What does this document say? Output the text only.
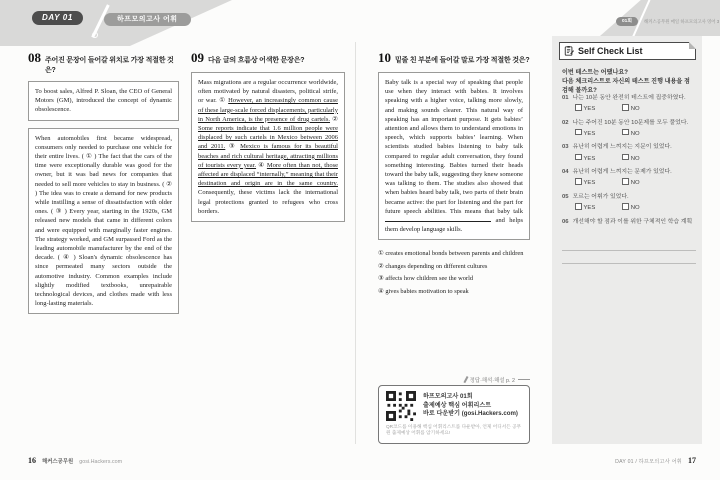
DAY 01	하프모의고사 어휘	01회	해커스공무원 매일 하프모의고사 영어 3
08 주어진 문장이 들어갈 위치로 가장 적절한 것은?
To boost sales, Alfred P. Sloan, the CEO of General Motors (GM), introduced the concept of dynamic obsolescence.
When automobiles first became widespread, consumers only needed to purchase one vehicle for their entire lives. ( ① ) The fact that the cars of the time were exceptionally durable was good for the owner, but it was bad news for companies that needed to sell more vehicles to stay in business. ( ② ) The idea was to create a demand for new products while instilling a sense of dissatisfaction with older ones. ( ③ ) Every year, starting in the 1920s, GM released new models that came in different colors and were equipped with marginally faster engines. The strategy worked, and GM surpassed Ford as the leading automobile manufacturer by the end of the decade. ( ④ ) Sloan's dynamic obsolescence has since permeated many sectors outside the automotive industry. Common examples include slightly modified textbooks, unrepairable technological devices, and clothes made with less long-lasting materials.
09 다음 글의 흐름상 어색한 문장은?
Mass migrations are a regular occurrence worldwide, often motivated by natural disasters, political strife, or war. ① However, an increasingly common cause of these large-scale forced displacements, particularly in North America, is the presence of drug cartels. ② Some reports indicate that 1.6 million people were displaced by such cartels in Mexico between 2006 and 2011. ③ Mexico is famous for its beautiful beaches and rich cultural heritage, attracting millions of tourists every year. ④ More often than not, those affected are displaced “internally,” meaning that their destination and origin are in the same country. Consequently, these victims lack the international legal protections granted to refugees who cross borders.
10 밑줄 친 부분에 들어갈 말로 가장 적절한 것은?
Baby talk is a special way of speaking that people use when they interact with babies. It involves speaking with a higher voice, talking more slowly, and making sounds clearer. This natural way of speaking has an important purpose. It gets babies’ attention and allows them to understand emotions in speech, which supports babies’ learning. When scientists studied babies listening to baby talk compared to regular adult conversation, they found something interesting. Babies turned their heads toward the baby talk, suggesting they knew someone was talking to them. The studies also showed that when babies heard baby talk, two parts of their brain became active: the part for listening and the part for future speech abilities. This means that baby talk  and helps them develop language skills.
① creates emotional bonds between parents and children
② changes depending on different cultures
③ affects how children see the world
④ gives babies motivation to speak
정답·해석·해설 p. 2
하프모의고사 01회
출제예상 핵심 어휘리스트
바로 다운받기 (gosi.Hackers.com)
QR코드를 이용해 핵심 어휘리스트를 다운받아, 언제 어디서든 공무원 출제예상 어휘를 암기하세요!
Self Check List
이번 테스트는 어땠나요?
다음 체크리스트로 자신의 테스트 진행 내용을 점검해 볼까요?
01 나는 10분 동안 완전히 테스트에 집중하였다.
YES	NO
02 나는 주어진 10분 동안 10문제를 모두 풀었다.
YES	NO
03 유난히 어렵게 느껴지는 지문이 있었다.
YES	NO
04 유난히 어렵게 느껴지는 문제가 있었다.
YES	NO
05 모르는 어휘가 있었다.
YES	NO
06 개선해야 할 점과 이를 위한 구체적인 학습 계획
16 해커스공무원 gosi.Hackers.com	DAY 01 / 하프모의고사 어휘 17
